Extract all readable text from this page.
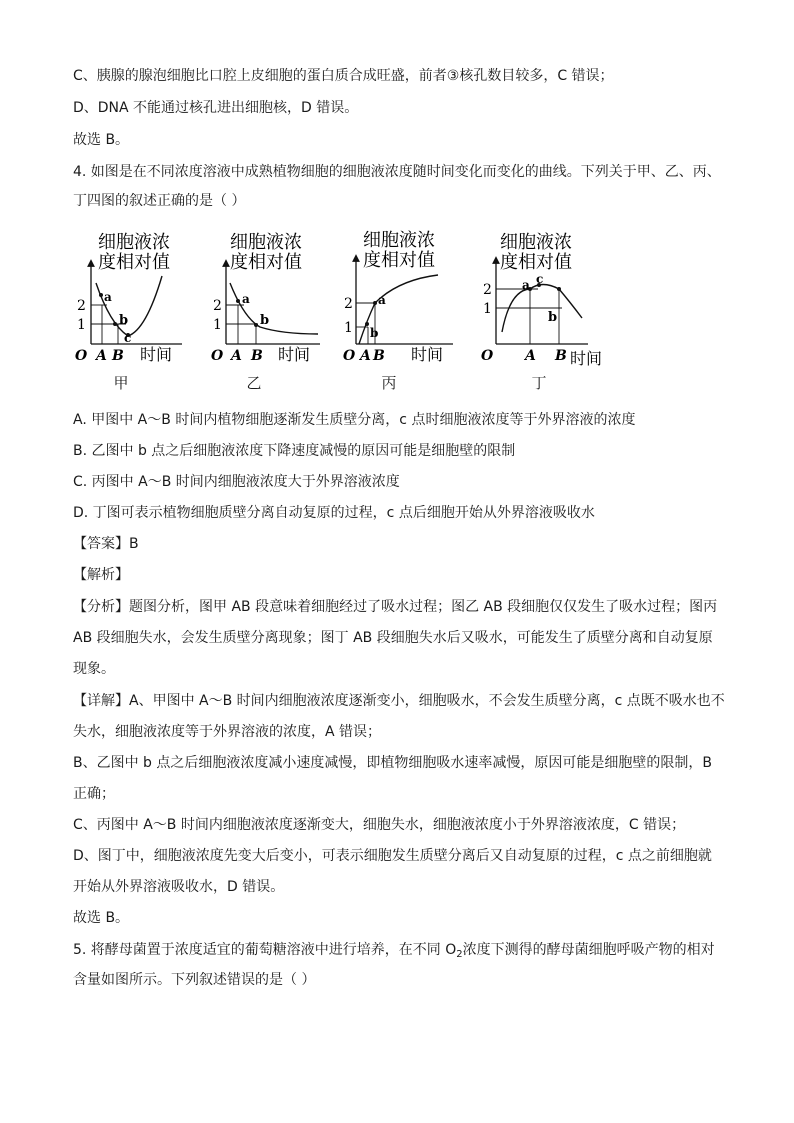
C、胰腺的腺泡细胞比口腔上皮细胞的蛋白质合成旺盛，前者③核孔数目较多，C 错误；
D、DNA 不能通过核孔进出细胞核，D 错误。
故选 B。
4. 如图是在不同浓度溶液中成熟植物细胞的细胞液浓度随时间变化而变化的曲线。下列关于甲、乙、丙、
丁四图的叙述正确的是（ ）
细胞液浓
度相对值
a
b
c
2
1
O A B 时间
甲
细胞液浓
度相对值
a
b
2
1
O A B 时间
乙
细胞液浓
度相对值
a
b
2
1
O A B 时间
丙
细胞液浓
度相对值
a c
b
2
1
O A B 时间
丁
A. 甲图中 A～B 时间内植物细胞逐渐发生质壁分离，c 点时细胞液浓度等于外界溶液的浓度
B. 乙图中 b 点之后细胞液浓度下降速度减慢的原因可能是细胞壁的限制
C. 丙图中 A～B 时间内细胞液浓度大于外界溶液浓度
D. 丁图可表示植物细胞质壁分离自动复原的过程，c 点后细胞开始从外界溶液吸收水
【答案】B
【解析】
【分析】题图分析，图甲 AB 段意味着细胞经过了吸水过程；图乙 AB 段细胞仅仅发生了吸水过程；图丙
AB 段细胞失水，会发生质壁分离现象；图丁 AB 段细胞失水后又吸水，可能发生了质壁分离和自动复原
现象。
【详解】A、甲图中 A～B 时间内细胞液浓度逐渐变小，细胞吸水，不会发生质壁分离，c 点既不吸水也不
失水，细胞液浓度等于外界溶液的浓度，A 错误；
B、乙图中 b 点之后细胞液浓度减小速度减慢，即植物细胞吸水速率减慢，原因可能是细胞壁的限制，B
正确；
C、丙图中 A～B 时间内细胞液浓度逐渐变大，细胞失水，细胞液浓度小于外界溶液浓度，C 错误；
D、图丁中，细胞液浓度先变大后变小，可表示细胞发生质壁分离后又自动复原的过程，c 点之前细胞就
开始从外界溶液吸收水，D 错误。
故选 B。
5. 将酵母菌置于浓度适宜的葡萄糖溶液中进行培养，在不同 $O_2$浓度下测得的酵母菌细胞呼吸产物的相对
含量如图所示。下列叙述错误的是（ ）
